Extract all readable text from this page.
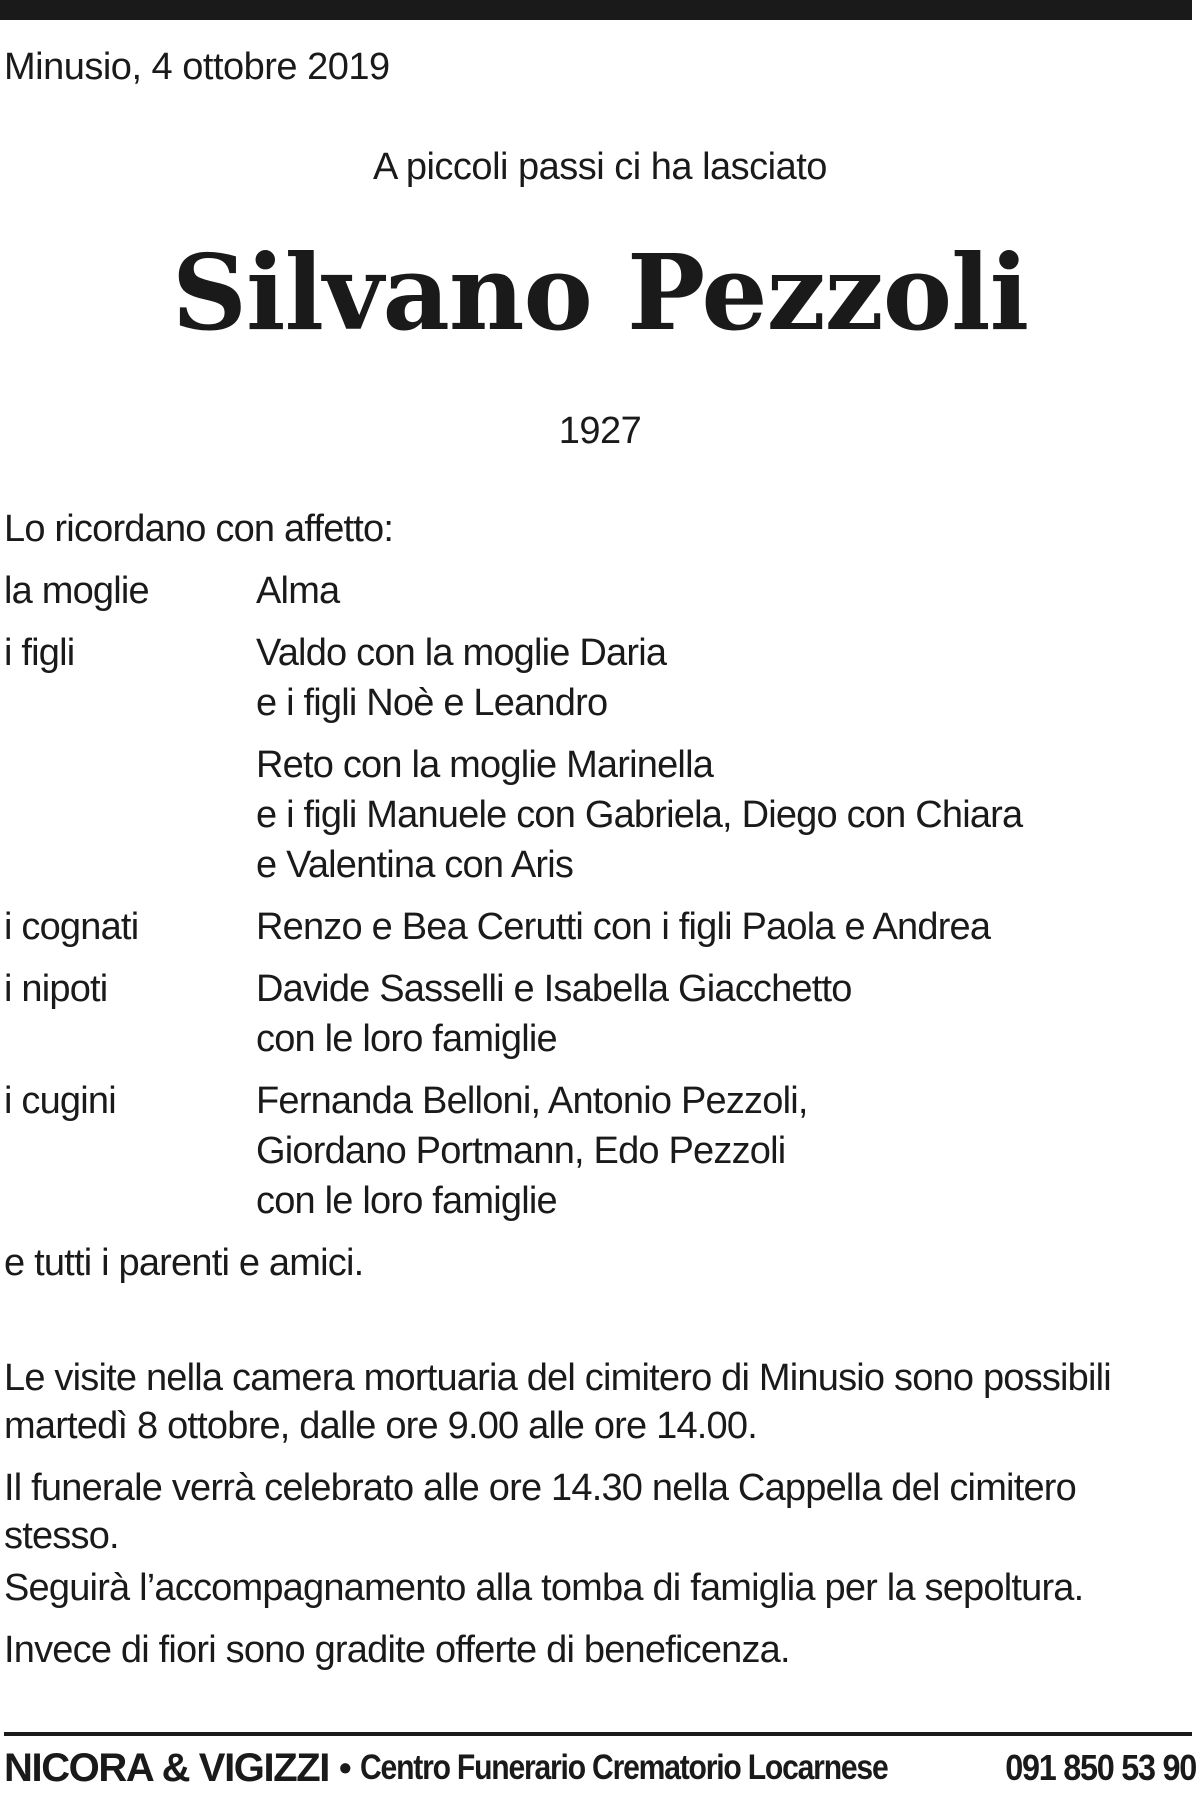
Minusio, 4 ottobre 2019
A piccoli passi ci ha lasciato
Silvano Pezzoli
1927
Lo ricordano con affetto:
la moglie	Alma
i figli	Valdo con la moglie Daria
e i figli Noè e Leandro
Reto con la moglie Marinella
e i figli Manuele con Gabriela, Diego con Chiara
e Valentina con Aris
i cognati	Renzo e Bea Cerutti con i figli Paola e Andrea
i nipoti	Davide Sasselli e Isabella Giacchetto
con le loro famiglie
i cugini	Fernanda Belloni, Antonio Pezzoli,
Giordano Portmann, Edo Pezzoli
con le loro famiglie
e tutti i parenti e amici.
Le visite nella camera mortuaria del cimitero di Minusio sono possibili
martedì 8 ottobre, dalle ore 9.00 alle ore 14.00.
Il funerale verrà celebrato alle ore 14.30 nella Cappella del cimitero
stesso.
Seguirà l’accompagnamento alla tomba di famiglia per la sepoltura.
Invece di fiori sono gradite offerte di beneficenza.
NICORA & VIGIZZI • Centro Funerario Crematorio Locarnese	091 850 53 90
